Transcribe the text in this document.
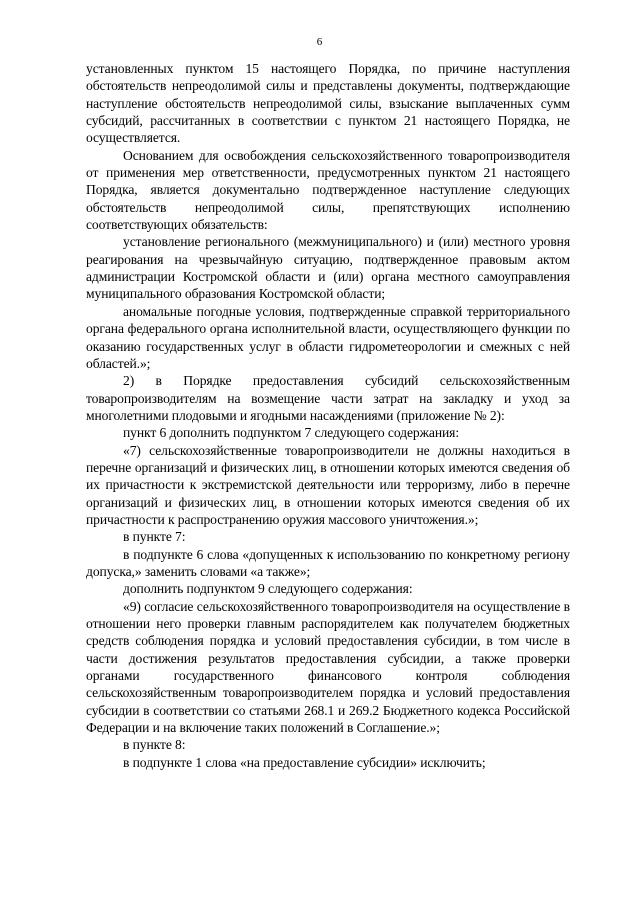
6

установленных пунктом 15 настоящего Порядка, по причине наступления обстоятельств непреодолимой силы и представлены документы, подтверждающие наступление обстоятельств непреодолимой силы, взыскание выплаченных сумм субсидий, рассчитанных в соответствии с пунктом 21 настоящего Порядка, не осуществляется.

Основанием для освобождения сельскохозяйственного товаропроизводителя от применения мер ответственности, предусмотренных пунктом 21 настоящего Порядка, является документально подтвержденное наступление следующих обстоятельств непреодолимой силы, препятствующих исполнению соответствующих обязательств:

установление регионального (межмуниципального) и (или) местного уровня реагирования на чрезвычайную ситуацию, подтвержденное правовым актом администрации Костромской области и (или) органа местного самоуправления муниципального образования Костромской области;

аномальные погодные условия, подтвержденные справкой территориального органа федерального органа исполнительной власти, осуществляющего функции по оказанию государственных услуг в области гидрометеорологии и смежных с ней областей.»;

2) в Порядке предоставления субсидий сельскохозяйственным товаропроизводителям на возмещение части затрат на закладку и уход за многолетними плодовыми и ягодными насаждениями (приложение № 2):

пункт 6 дополнить подпунктом 7 следующего содержания:

«7) сельскохозяйственные товаропроизводители не должны находиться в перечне организаций и физических лиц, в отношении которых имеются сведения об их причастности к экстремистской деятельности или терроризму, либо в перечне организаций и физических лиц, в отношении которых имеются сведения об их причастности к распространению оружия массового уничтожения.»;

в пункте 7:

в подпункте 6 слова «допущенных к использованию по конкретному региону допуска,» заменить словами «а также»;

дополнить подпунктом 9 следующего содержания:

«9) согласие сельскохозяйственного товаропроизводителя на осуществление в отношении него проверки главным распорядителем как получателем бюджетных средств соблюдения порядка и условий предоставления субсидии, в том числе в части достижения результатов предоставления субсидии, а также проверки органами государственного финансового контроля соблюдения сельскохозяйственным товаропроизводителем порядка и условий предоставления субсидии в соответствии со статьями 268.1 и 269.2 Бюджетного кодекса Российской Федерации и на включение таких положений в Соглашение.»;

в пункте 8:

в подпункте 1 слова «на предоставление субсидии» исключить;
